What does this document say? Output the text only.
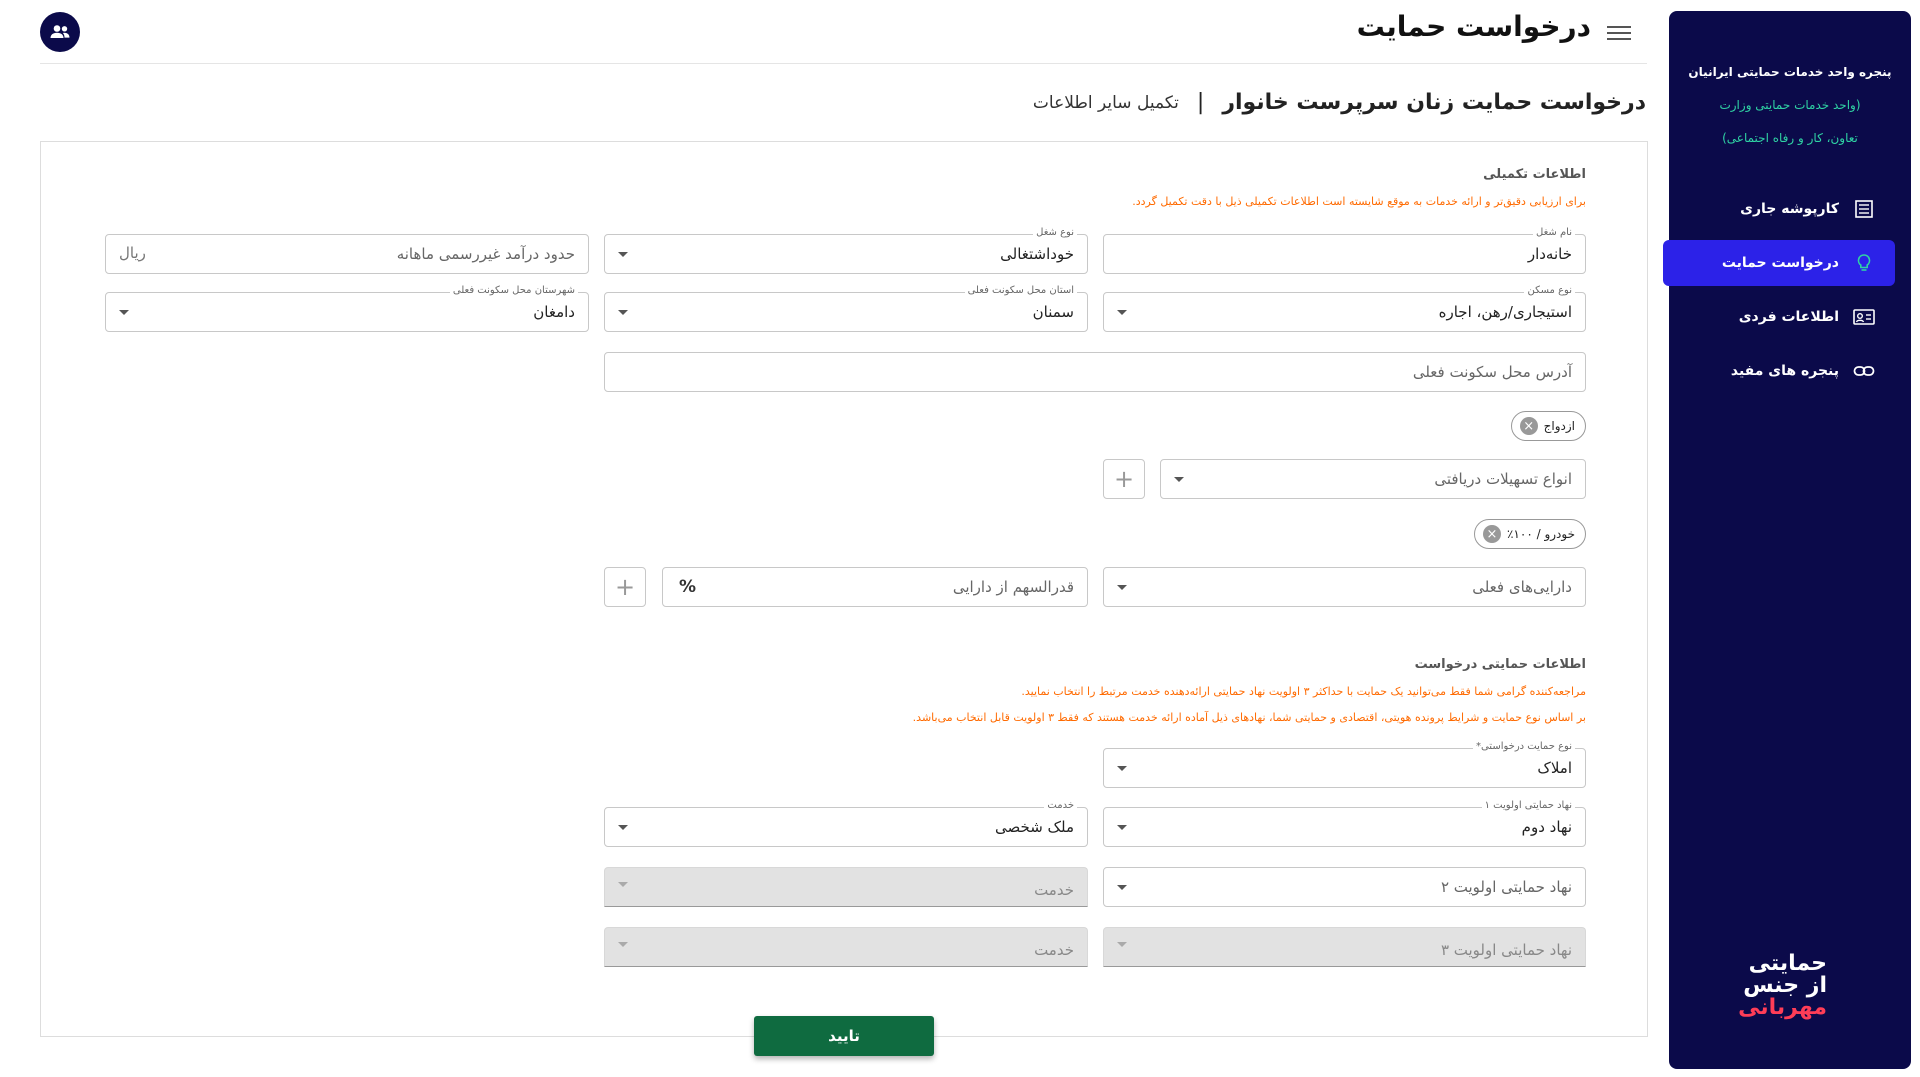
پنجره واحد خدمات حمایتی ایرانیان
(واحد خدمات حمایتی وزارت
تعاون، کار و رفاه اجتماعی)
کارپوشه جاری
درخواست حمایت
اطلاعات فردی
پنجره های مفید
حمایتی
از جنس
مهربانی
درخواست حمایت
درخواست حمایت زنان سرپرست خانوار
|
تکمیل سایر اطلاعات
اطلاعات تکمیلی
برای ارزیابی دقیق‌تر و ارائه خدمات به موقع شایسته است اطلاعات تکمیلی ذیل با دقت تکمیل گردد.
نام شغل
خانه‌دار
نوع شغل
خوداشتغالی
حدود درآمد غیررسمی ماهانه
ریال
نوع مسکن
استیجاری/رهن، اجاره
استان محل سکونت فعلی
سمنان
شهرستان محل سکونت فعلی
دامغان
آدرس محل سکونت فعلی
ازدواج
×
انواع تسهیلات دریافتی
+
خودرو / ۱۰۰٪
×
دارایی‌های فعلی
قدرالسهم از دارایی
%
+
اطلاعات حمایتی درخواست
مراجعه‌کننده گرامی شما فقط می‌توانید یک حمایت با حداکثر ۳ اولویت نهاد حمایتی ارائه‌دهنده خدمت مرتبط را انتخاب نمایید.
بر اساس نوع حمایت و شرایط پرونده هویتی، اقتصادی و حمایتی شما، نهادهای ذیل آماده ارائه خدمت هستند که فقط ۳ اولویت قابل انتخاب می‌باشد.
نوع حمایت درخواستی*
املاک
نهاد حمایتی اولویت ۱
نهاد دوم
خدمت
ملک شخصی
نهاد حمایتی اولویت ۲
خدمت
نهاد حمایتی اولویت ۳
خدمت
تایید
